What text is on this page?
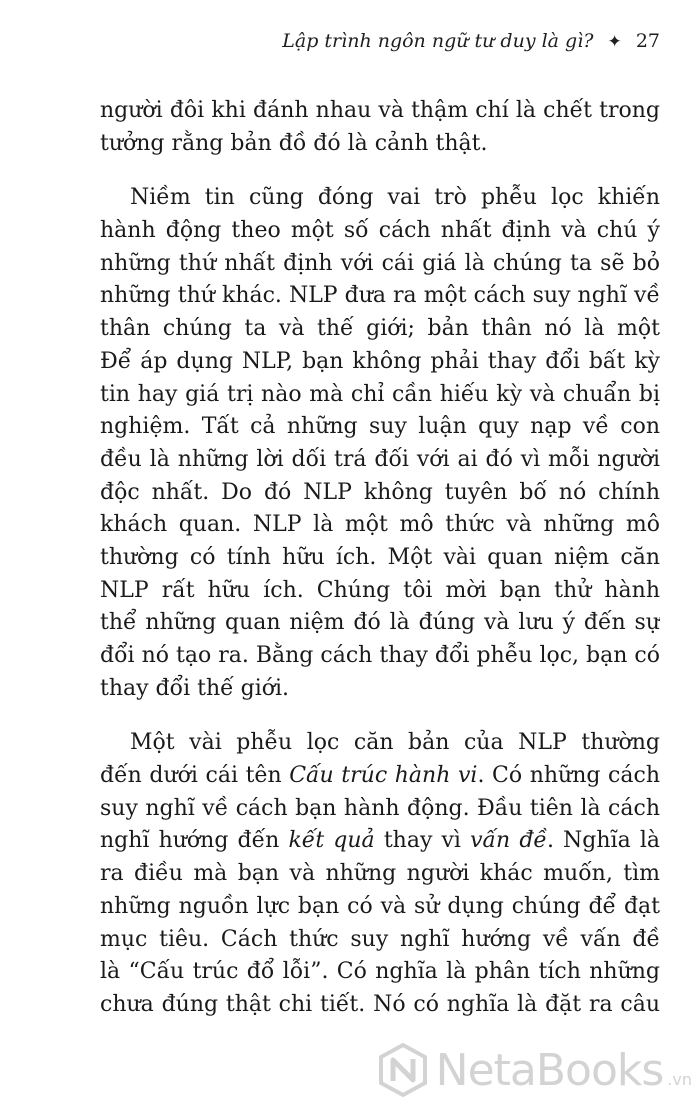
Lập trình ngôn ngữ tư duy là gì? ✦ 27
người đôi khi đánh nhau và thậm chí là chết trong
tưởng rằng bản đồ đó là cảnh thật.
Niềm tin cũng đóng vai trò phễu lọc khiến
hành động theo một số cách nhất định và chú ý
những thứ nhất định với cái giá là chúng ta sẽ bỏ
những thứ khác. NLP đưa ra một cách suy nghĩ về
thân chúng ta và thế giới; bản thân nó là một
Để áp dụng NLP, bạn không phải thay đổi bất kỳ
tin hay giá trị nào mà chỉ cần hiếu kỳ và chuẩn bị
nghiệm. Tất cả những suy luận quy nạp về con
đều là những lời dối trá đối với ai đó vì mỗi người
độc nhất. Do đó NLP không tuyên bố nó chính
khách quan. NLP là một mô thức và những mô
thường có tính hữu ích. Một vài quan niệm căn
NLP rất hữu ích. Chúng tôi mời bạn thử hành
thể những quan niệm đó là đúng và lưu ý đến sự
đổi nó tạo ra. Bằng cách thay đổi phễu lọc, bạn có
thay đổi thế giới.
Một vài phễu lọc căn bản của NLP thường
đến dưới cái tên Cấu trúc hành vi. Có những cách
suy nghĩ về cách bạn hành động. Đầu tiên là cách
nghĩ hướng đến kết quả thay vì vấn đề. Nghĩa là
ra điều mà bạn và những người khác muốn, tìm
những nguồn lực bạn có và sử dụng chúng để đạt
mục tiêu. Cách thức suy nghĩ hướng về vấn đề
là “Cấu trúc đổ lỗi”. Có nghĩa là phân tích những
chưa đúng thật chi tiết. Nó có nghĩa là đặt ra câu
NetaBooks .vn
